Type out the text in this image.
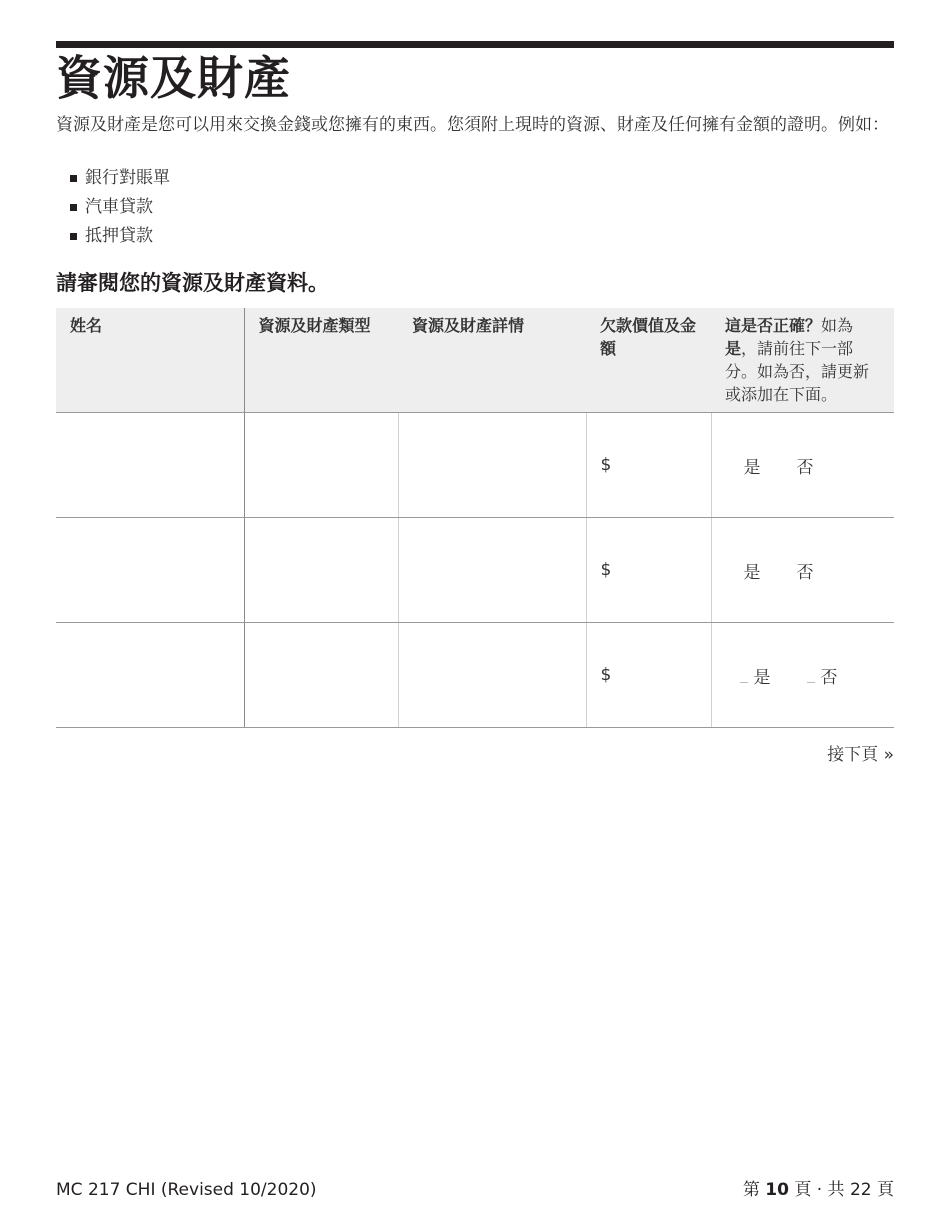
資源及財產

資源及財產是您可以用來交換金錢或您擁有的東西。您須附上現時的資源、財產及任何擁有金額的證明。例如：

銀行對賬單
汽車貸款
抵押貸款
請審閱您的資源及財產資料。
姓名	資源及財產類型	資源及財產詳情	欠款價值及金額	這是否正確？如為是，請前往下一部分。如為否，請更新或添加在下面。
			$	是 否

			$	是 否

			$	是 否
接下頁 »
MC 217 CHI (Revised 10/2020)	第 10 頁 · 共 22 頁
